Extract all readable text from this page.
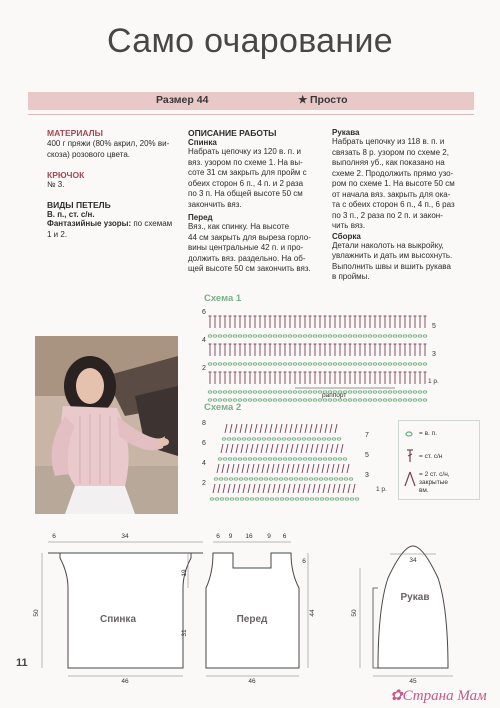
Само очарование
Размер 44	★ Просто
МАТЕРИАЛЫ
400 г пряжи (80% акрил, 20% ви-
скоза) розового цвета.
КРЮЧОК
№ 3.
ВИДЫ ПЕТЕЛЬ
В. п., ст. с/н.
Фантазийные узоры: по схемам
1 и 2.
ОПИСАНИЕ РАБОТЫ
Спинка
Набрать цепочку из 120 в. п. и
вяз. узором по схеме 1. На вы-
соте 31 см закрыть для пройм с
обеих сторон 6 п., 4 п. и 2 раза
по 3 п. На общей высоте 50 см
закончить вяз.
Перед
Вяз., как спинку. На высоте
44 см закрыть для выреза горло-
вины центральные 42 п. и про-
должить вяз. раздельно. На об-
щей высоте 50 см закончить вяз.
Рукава
Набрать цепочку из 118 в. п. и
связать 8 р. узором по схеме 2,
выполняя уб., как показано на
схеме 2. Продолжить прямо узо-
ром по схеме 1. На высоте 50 см
от начала вяз. закрыть для ока-
та с обеих сторон 6 п., 4 п., 6 раз
по 3 п., 2 раза по 2 п. и закон-
чить вяз.
Сборка
Детали наколоть на выкройку,
увлажнить и дать им высохнуть.
Выполнить швы и вшить рукава
в проймы.
Схема 1
6
4
2
5
3
раппорт
1 р.
Схема 2
8
6
4
2
7
5
3
1 р.
= в. п.
= ст. с/н
= 2 ст. с/н,
закрытые
вм.
6	34
50
19
31
46
Спинка
6 9 16 9 6
44
6
46
Перед
34
50
45
Рукав
11
✿Страна Мам
